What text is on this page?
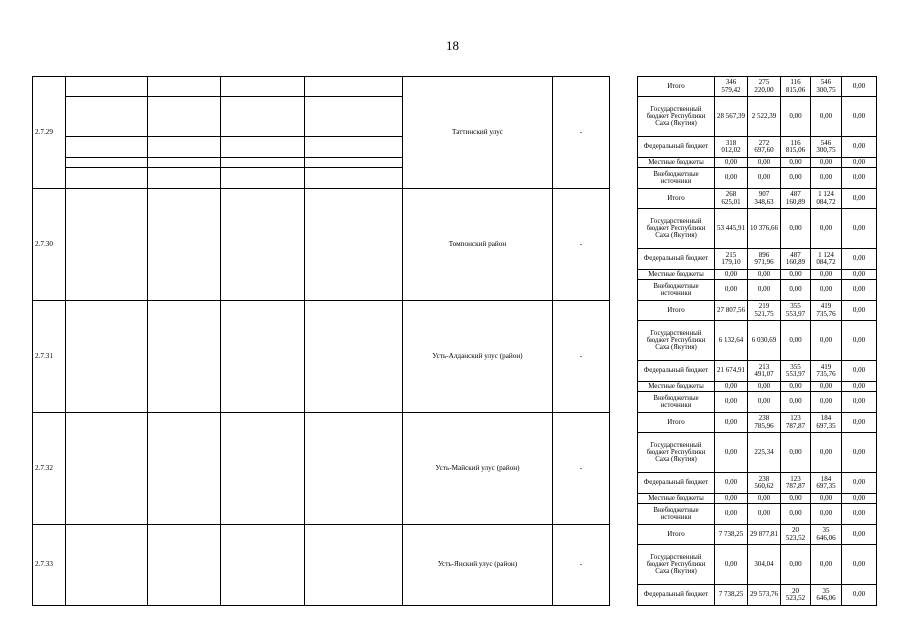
18
2.7.29					Таттинский улус	-		Итого	346 579,42	275 220,00	116 815,06	546 300,75	0,00
								Государственный бюджет Республики Саха (Якутия)	28 567,39	2 522,39	0,00	0,00	0,00
								Федеральный бюджет	318 012,02	272 697,60	116 815,06	546 300,75	0,00
								Местные бюджеты	0,00	0,00	0,00	0,00	0,00
								Внебюджетные источники	0,00	0,00	0,00	0,00	0,00
2.7.30					Томпонский район	-		Итого	268 625,01	907 348,63	487 160,89	1 124 084,72	0,00
								Государственный бюджет Республики Саха (Якутия)	53 445,91	10 376,66	0,00	0,00	0,00
								Федеральный бюджет	215 179,10	896 971,96	487 160,89	1 124 084,72	0,00
								Местные бюджеты	0,00	0,00	0,00	0,00	0,00
								Внебюджетные источники	0,00	0,00	0,00	0,00	0,00
2.7.31					Усть-Алданский улус (район)	-		Итого	27 807,56	219 521,75	355 553,97	419 735,76	0,00
								Государственный бюджет Республики Саха (Якутия)	6 132,64	6 030,69	0,00	0,00	0,00
								Федеральный бюджет	21 674,91	213 491,07	355 553,97	419 735,76	0,00
								Местные бюджеты	0,00	0,00	0,00	0,00	0,00
								Внебюджетные источники	0,00	0,00	0,00	0,00	0,00
2.7.32					Усть-Майский улус (район)	-		Итого	0,00	238 785,96	123 787,87	184 697,35	0,00
								Государственный бюджет Республики Саха (Якутия)	0,00	225,34	0,00	0,00	0,00
								Федеральный бюджет	0,00	238 560,62	123 787,87	184 697,35	0,00
								Местные бюджеты	0,00	0,00	0,00	0,00	0,00
								Внебюджетные источники	0,00	0,00	0,00	0,00	0,00
2.7.33					Усть-Янский улус (район)	-		Итого	7 738,25	29 877,81	20 523,52	35 646,06	0,00
								Государственный бюджет Республики Саха (Якутия)	0,00	304,04	0,00	0,00	0,00
								Федеральный бюджет	7 738,25	29 573,76	20 523,52	35 646,06	0,00
